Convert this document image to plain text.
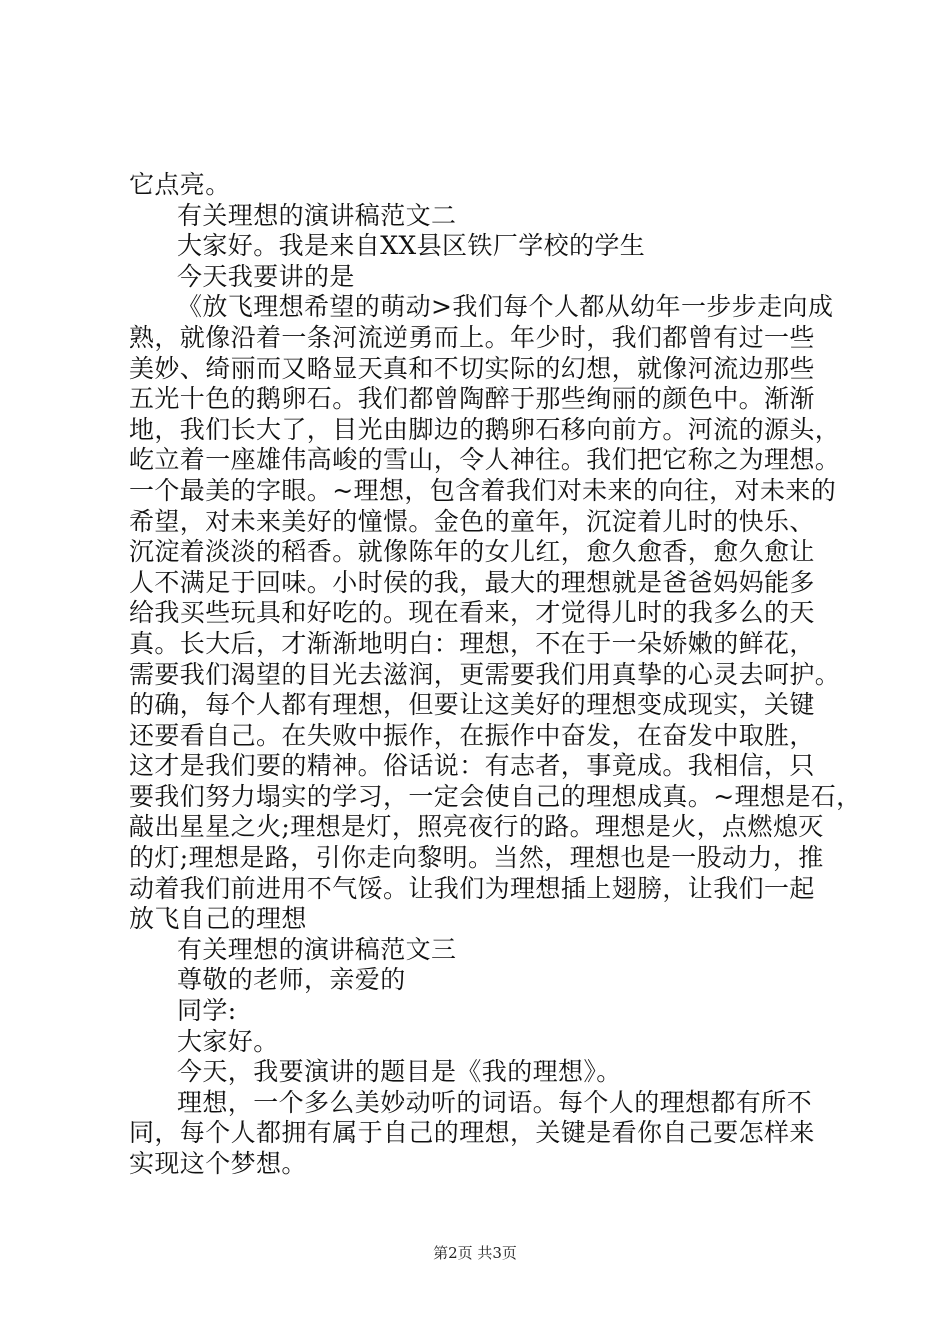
它点亮。
有关理想的演讲稿范文二
大家好。我是来自XX县区铁厂学校的学生
今天我要讲的是
《放飞理想希望的萌动>我们每个人都从幼年一步步走向成
熟，就像沿着一条河流逆勇而上。年少时，我们都曾有过一些
美妙、绮丽而又略显天真和不切实际的幻想，就像河流边那些
五光十色的鹅卵石。我们都曾陶醉于那些绚丽的颜色中。渐渐
地，我们长大了，目光由脚边的鹅卵石移向前方。河流的源头，
屹立着一座雄伟高峻的雪山，令人神往。我们把它称之为理想。
一个最美的字眼。~理想，包含着我们对未来的向往，对未来的
希望，对未来美好的憧憬。金色的童年，沉淀着儿时的快乐、
沉淀着淡淡的稻香。就像陈年的女儿红，愈久愈香，愈久愈让
人不满足于回味。小时侯的我，最大的理想就是爸爸妈妈能多
给我买些玩具和好吃的。现在看来，才觉得儿时的我多么的天
真。长大后，才渐渐地明白：理想，不在于一朵娇嫩的鲜花，
需要我们渴望的目光去滋润，更需要我们用真挚的心灵去呵护。
的确，每个人都有理想，但要让这美好的理想变成现实，关键
还要看自己。在失败中振作，在振作中奋发，在奋发中取胜，
这才是我们要的精神。俗话说：有志者，事竟成。我相信，只
要我们努力塌实的学习，一定会使自己的理想成真。~理想是石，
敲出星星之火;理想是灯，照亮夜行的路。理想是火，点燃熄灭
的灯;理想是路，引你走向黎明。当然，理想也是一股动力，推
动着我们前进用不气馁。让我们为理想插上翅膀，让我们一起
放飞自己的理想
有关理想的演讲稿范文三
尊敬的老师，亲爱的
同学:
大家好。
今天，我要演讲的题目是《我的理想》。
理想，一个多么美妙动听的词语。每个人的理想都有所不
同，每个人都拥有属于自己的理想，关键是看你自己要怎样来
实现这个梦想。
第2页 共3页
